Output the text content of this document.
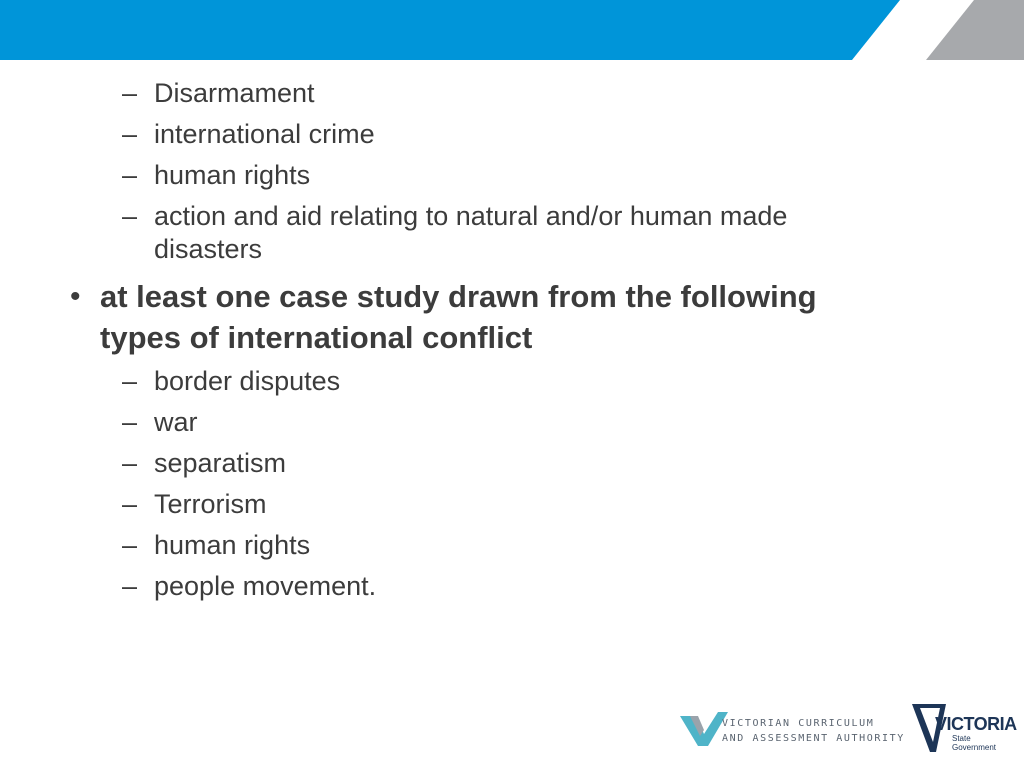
– Disarmament
– international crime
– human rights
– action and aid relating to natural and/or human made
disasters
• at least one case study drawn from the following
types of international conflict
– border disputes
– war
– separatism
– Terrorism
– human rights
– people movement.
VICTORIAN CURRICULUM
AND ASSESSMENT AUTHORITY
VICTORIA
State
Government
